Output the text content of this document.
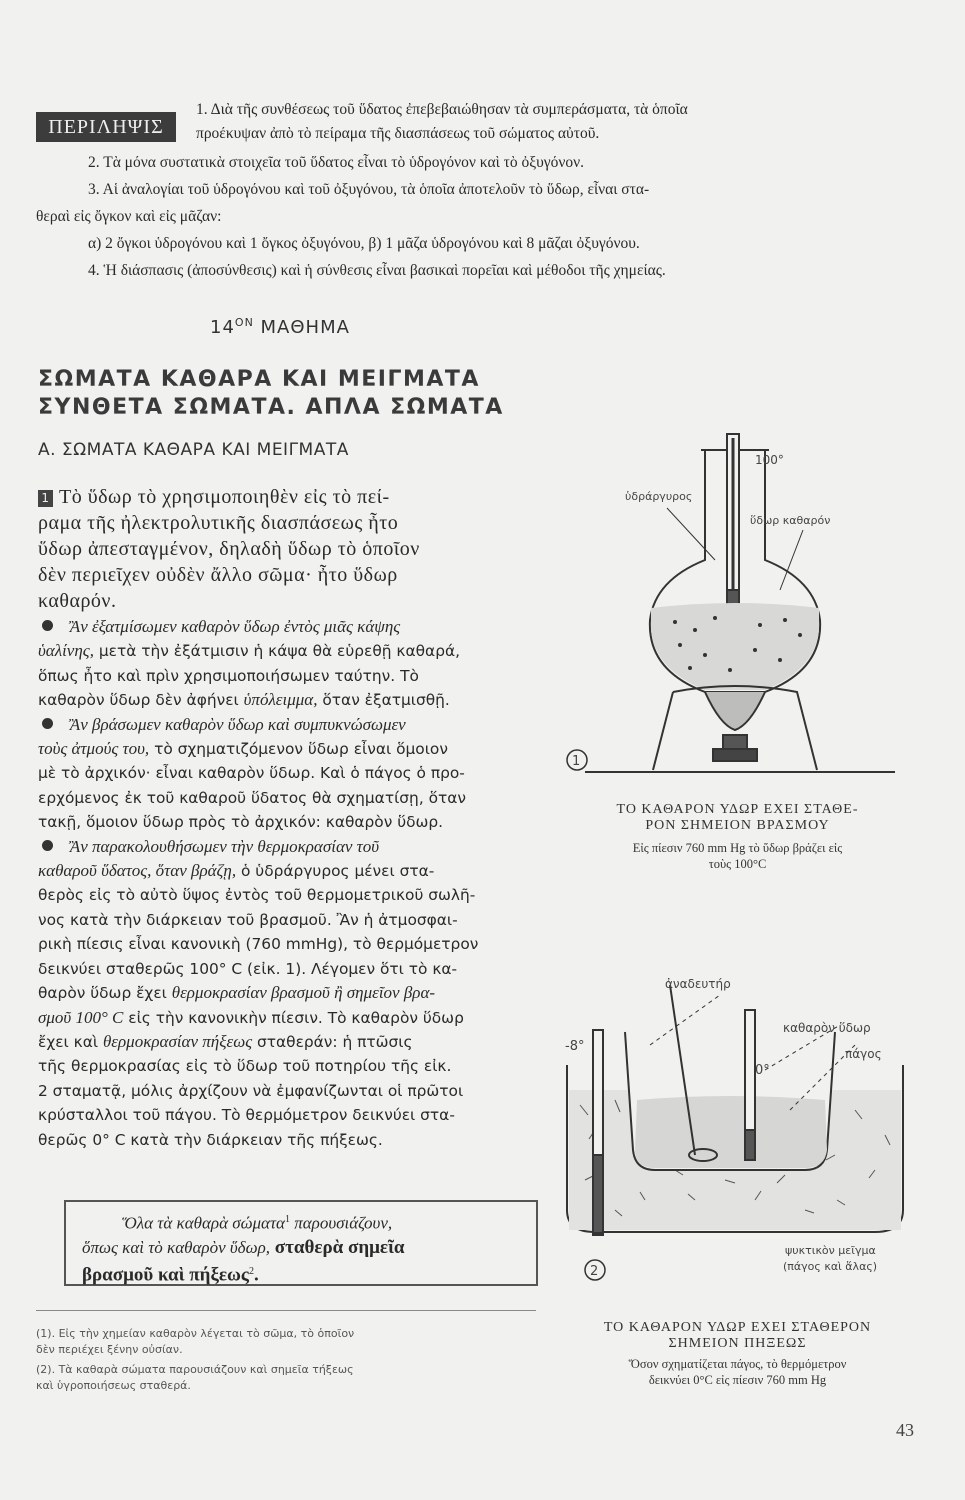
ΠΕΡΙΛΗΨΙΣ

1. Διὰ τῆς συνθέσεως τοῦ ὕδατος ἐπεβεβαιώθησαν τὰ συμπεράσματα, τὰ ὁποῖα

προέκυψαν ἀπὸ τὸ πείραμα τῆς διασπάσεως τοῦ σώματος αὐτοῦ.

2. Τὰ μόνα συστατικὰ στοιχεῖα τοῦ ὕδατος εἶναι τὸ ὑδρογόνον καὶ τὸ ὀξυγόνον.

3. Αἱ ἀναλογίαι τοῦ ὑδρογόνου καὶ τοῦ ὀξυγόνου, τὰ ὁποῖα ἀποτελοῦν τὸ ὕδωρ, εἶναι στα-

θεραὶ εἰς ὄγκον καὶ εἰς μᾶζαν:

α) 2 ὄγκοι ὑδρογόνου καὶ 1 ὄγκος ὀξυγόνου, β) 1 μᾶζα ὑδρογόνου καὶ 8 μᾶζαι ὀξυγόνου.

4. Ἡ διάσπασις (ἀποσύνθεσις) καὶ ἡ σύνθεσις εἶναι βασικαὶ πορεῖαι καὶ μέθοδοι τῆς χημείας.

$14^{ON}$ ΜΑΘΗΜΑ
ΣΩΜΑΤΑ ΚΑΘΑΡΑ ΚΑΙ ΜΕΙΓΜΑΤΑ
ΣΥΝΘΕΤΑ ΣΩΜΑΤΑ. ΑΠΛΑ ΣΩΜΑΤΑ
Α. ΣΩΜΑΤΑ ΚΑΘΑΡΑ ΚΑΙ ΜΕΙΓΜΑΤΑ
1 Τὸ ὕδωρ τὸ χρησιμοποιηθὲν εἰς τὸ πεί-
ραμα τῆς ἠλεκτρολυτικῆς διασπάσεως ἦτο
ὕδωρ ἀπεσταγμένον, δηλαδὴ ὕδωρ τὸ ὁποῖον
δὲν περιεῖχεν οὐδὲν ἄλλο σῶμα· ἦτο ὕδωρ
καθαρόν.
Ἂν ἐξατμίσωμεν καθαρὸν ὕδωρ ἐντὸς μιᾶς κάψης
ὑαλίνης, μετὰ τὴν ἐξάτμισιν ἡ κάψα θὰ εὑρεθῇ καθαρά,
ὅπως ἦτο καὶ πρὶν χρησιμοποιήσωμεν ταύτην. Τὸ
καθαρὸν ὕδωρ δὲν ἀφήνει ὑπόλειμμα, ὅταν ἐξατμισθῇ.
Ἂν βράσωμεν καθαρὸν ὕδωρ καὶ συμπυκνώσωμεν
τοὺς ἀτμούς του, τὸ σχηματιζόμενον ὕδωρ εἶναι ὅμοιον
μὲ τὸ ἀρχικόν· εἶναι καθαρὸν ὕδωρ. Καὶ ὁ πάγος ὁ προ-
ερχόμενος ἐκ τοῦ καθαροῦ ὕδατος θὰ σχηματίσῃ, ὅταν
τακῇ, ὅμοιον ὕδωρ πρὸς τὸ ἀρχικόν: καθαρὸν ὕδωρ.
Ἂν παρακολουθήσωμεν τὴν θερμοκρασίαν τοῦ
καθαροῦ ὕδατος, ὅταν βράζῃ, ὁ ὑδράργυρος μένει στα-
θερὸς εἰς τὸ αὐτὸ ὕψος ἐντὸς τοῦ θερμομετρικοῦ σωλῆ-
νος κατὰ τὴν διάρκειαν τοῦ βρασμοῦ. Ἂν ἡ ἀτμοσφαι-
ρικὴ πίεσις εἶναι κανονικὴ (760 mmHg), τὸ θερμόμετρον
δεικνύει σταθερῶς 100° C (εἰκ. 1). Λέγομεν ὅτι τὸ κα-
θαρὸν ὕδωρ ἔχει θερμοκρασίαν βρασμοῦ ἢ σημεῖον βρα-
σμοῦ 100° C εἰς τὴν κανονικὴν πίεσιν. Τὸ καθαρὸν ὕδωρ
ἔχει καὶ θερμοκρασίαν πήξεως σταθεράν: ἡ πτῶσις
τῆς θερμοκρασίας εἰς τὸ ὕδωρ τοῦ ποτηρίου τῆς εἰκ.
2 σταματᾷ, μόλις ἀρχίζουν νὰ ἐμφανίζωνται οἱ πρῶτοι
κρύσταλλοι τοῦ πάγου. Τὸ θερμόμετρον δεικνύει στα-
θερῶς 0° C κατὰ τὴν διάρκειαν τῆς πήξεως.
Ὅλα τὰ καθαρὰ σώματα$^1$ παρουσιάζουν,
ὅπως καὶ τὸ καθαρὸν ὕδωρ, σταθερὰ σημεῖα
βρασμοῦ καὶ πήξεως$^2$.
(1). Εἰς τὴν χημείαν καθαρὸν λέγεται τὸ σῶμα, τὸ ὁποῖον
δὲν περιέχει ξένην οὐσίαν.
(2). Τὰ καθαρὰ σώματα παρουσιάζουν καὶ σημεῖα τήξεως
καὶ ὑγροποιήσεως σταθερά.
100°
ὑδράργυρος
ὕδωρ καθαρόν
1
ΤΟ ΚΑΘΑΡΟΝ ΥΔΩΡ ΕΧΕΙ ΣΤΑΘΕ-
ΡΟΝ ΣΗΜΕΙΟΝ ΒΡΑΣΜΟΥ
Εἰς πίεσιν 760 mm Hg τὸ ὕδωρ βράζει εἰς
τοὺς 100°C
ἀναδευτήρ
καθαρὸν ὕδωρ
πάγος
-8°
0°
ψυκτικὸν μεῖγμα
(πάγος καὶ ἅλας)
2
ΤΟ ΚΑΘΑΡΟΝ ΥΔΩΡ ΕΧΕΙ ΣΤΑΘΕΡΟΝ
ΣΗΜΕΙΟΝ ΠΗΞΕΩΣ
Ὅσον σχηματίζεται πάγος, τὸ θερμόμετρον
δεικνύει 0°C εἰς πίεσιν 760 mm Hg
43
